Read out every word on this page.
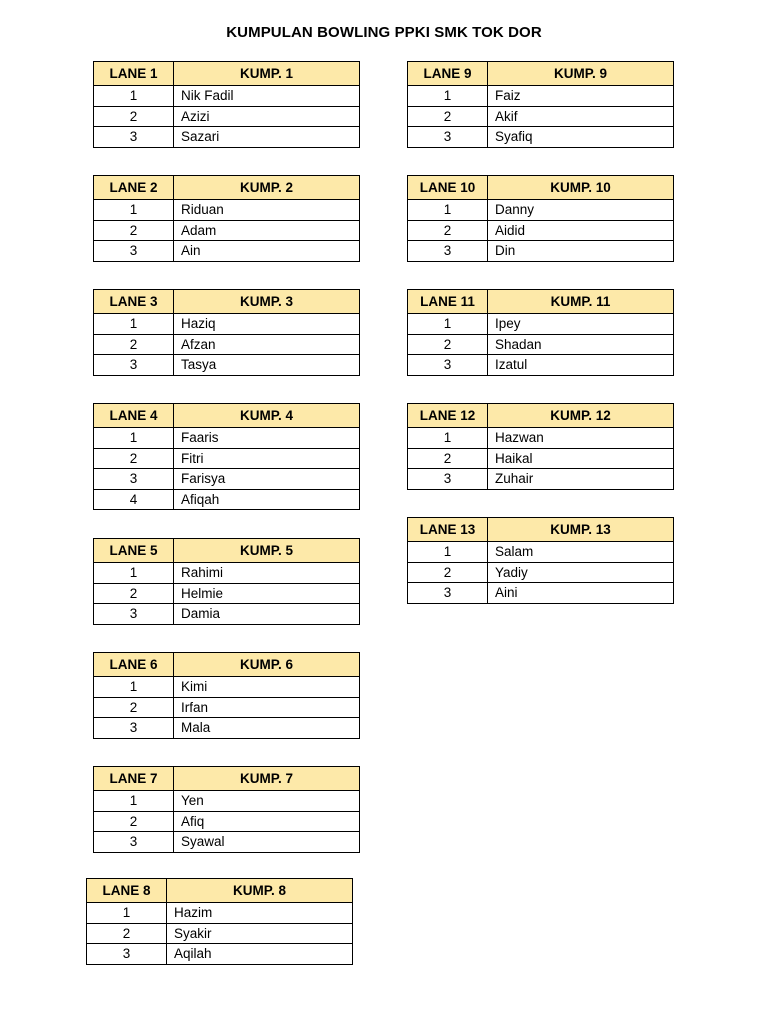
KUMPULAN BOWLING PPKI SMK TOK DOR
LANE 1	KUMP. 1
1	Nik Fadil
2	Azizi
3	Sazari
LANE 2	KUMP. 2
1	Riduan
2	Adam
3	Ain
LANE 3	KUMP. 3
1	Haziq
2	Afzan
3	Tasya
LANE 4	KUMP. 4
1	Faaris
2	Fitri
3	Farisya
4	Afiqah
LANE 5	KUMP. 5
1	Rahimi
2	Helmie
3	Damia
LANE 6	KUMP. 6
1	Kimi
2	Irfan
3	Mala
LANE 7	KUMP. 7
1	Yen
2	Afiq
3	Syawal
LANE 8	KUMP. 8
1	Hazim
2	Syakir
3	Aqilah
LANE 9	KUMP. 9
1	Faiz
2	Akif
3	Syafiq
LANE 10	KUMP. 10
1	Danny
2	Aidid
3	Din
LANE 11	KUMP. 11
1	Ipey
2	Shadan
3	Izatul
LANE 12	KUMP. 12
1	Hazwan
2	Haikal
3	Zuhair
LANE 13	KUMP. 13
1	Salam
2	Yadiy
3	Aini
